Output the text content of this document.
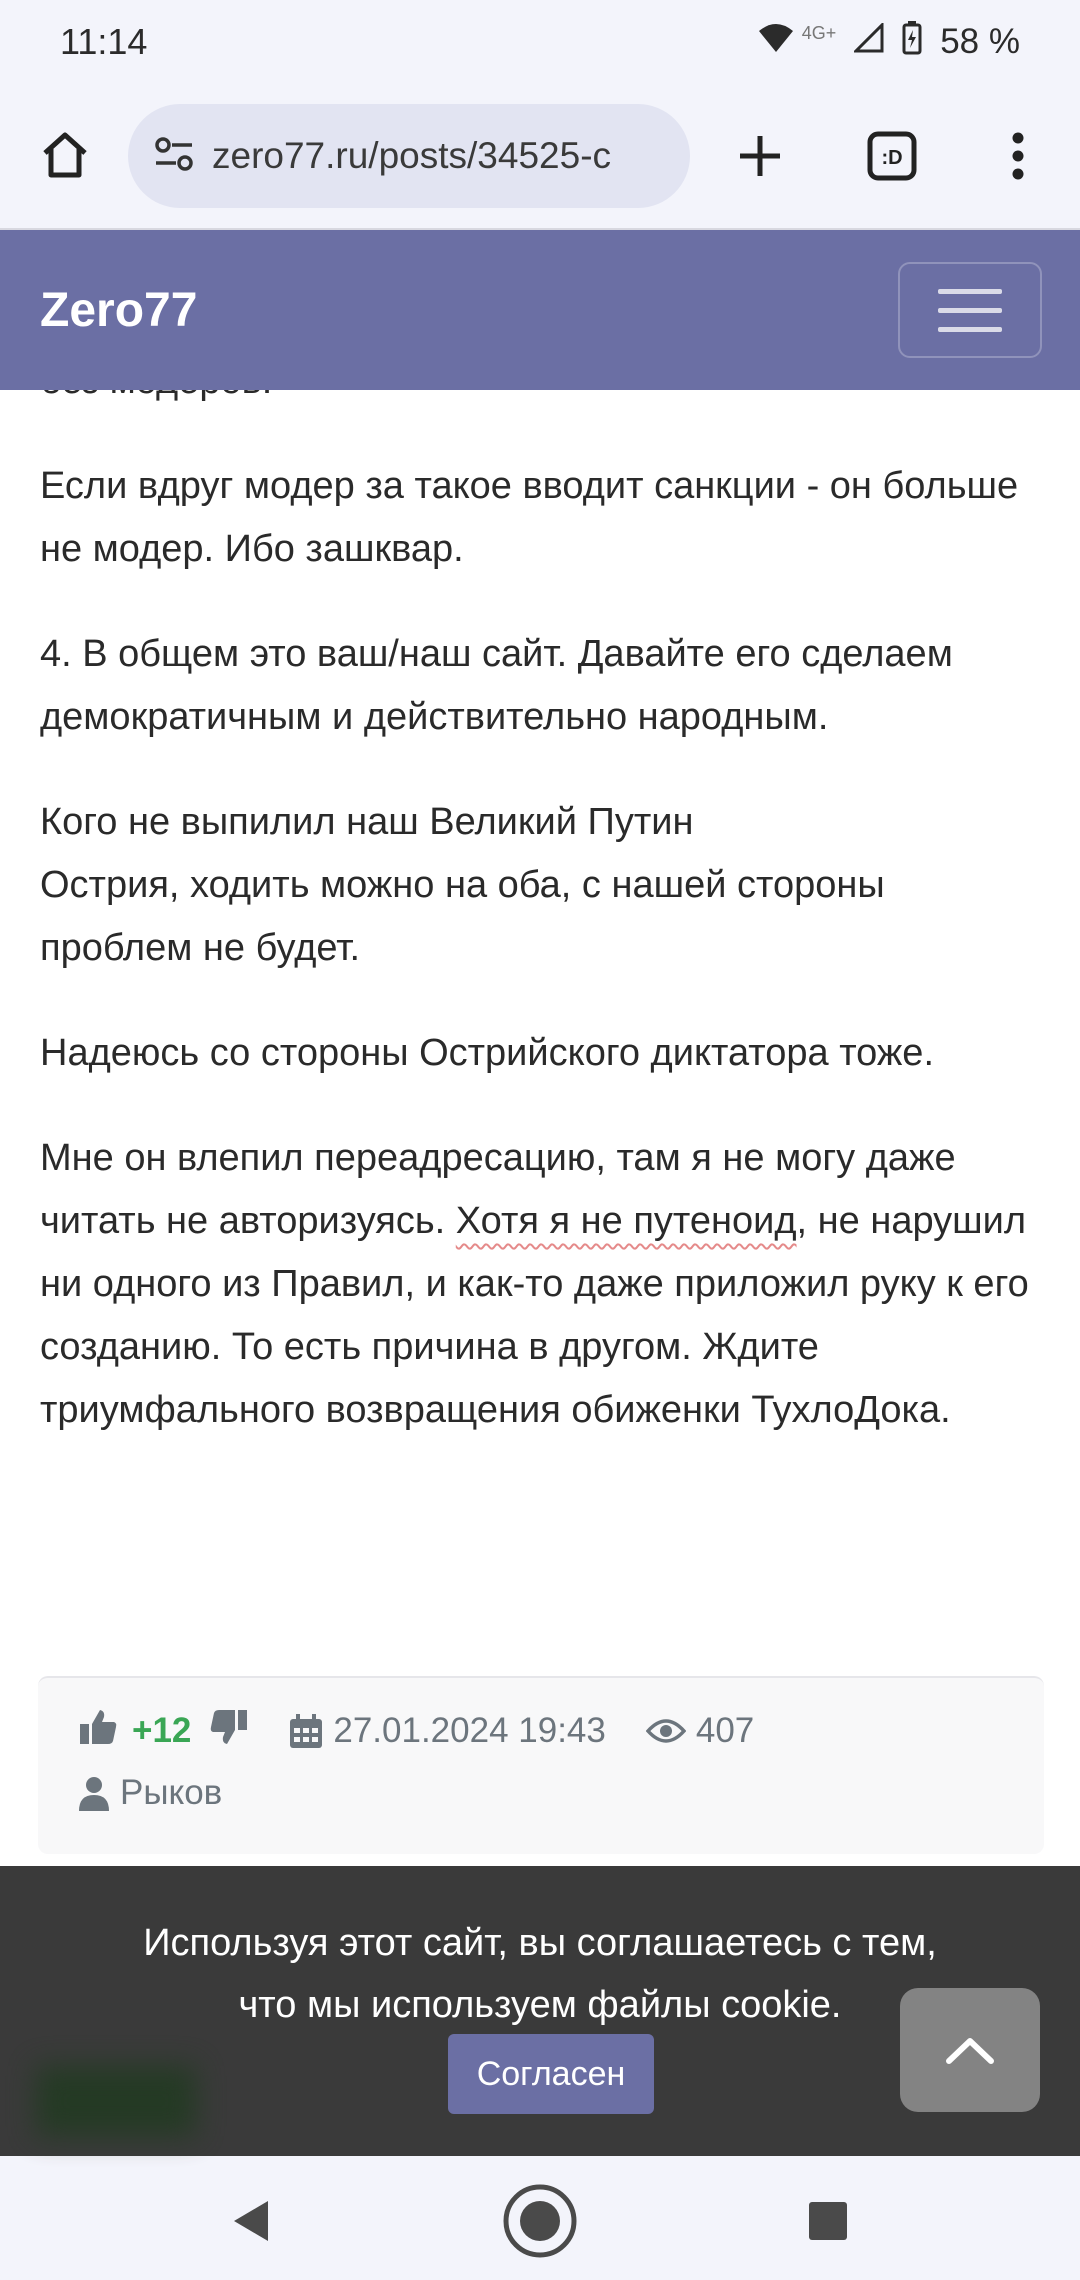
11:14	4G+	58 %
zero77.ru/posts/34525-c	:D
Zero77

Если вдруг модер за такое вводит санкции - он больше не модер. Ибо зашквар.

4. В общем это ваш/наш сайт. Давайте его сделаем демократичным и действительно народным.

Кого не выпилил наш Великий Путин
Острия, ходить можно на оба, с нашей стороны проблем не будет.

Надеюсь со стороны Острийского диктатора тоже.

Мне он влепил переадресацию, там я не могу даже читать не авторизуясь. Хотя я не путеноид, не нарушил ни одного из Правил, и как-то даже приложил руку к его созданию. То есть причина в другом. Ждите триумфального возвращения обиженки ТухлоДока.

+12	27.01.2024 19:43	407
Рыков
Используя этот сайт, вы соглашаетесь с тем,
что мы используем файлы cookie.
Согласен
